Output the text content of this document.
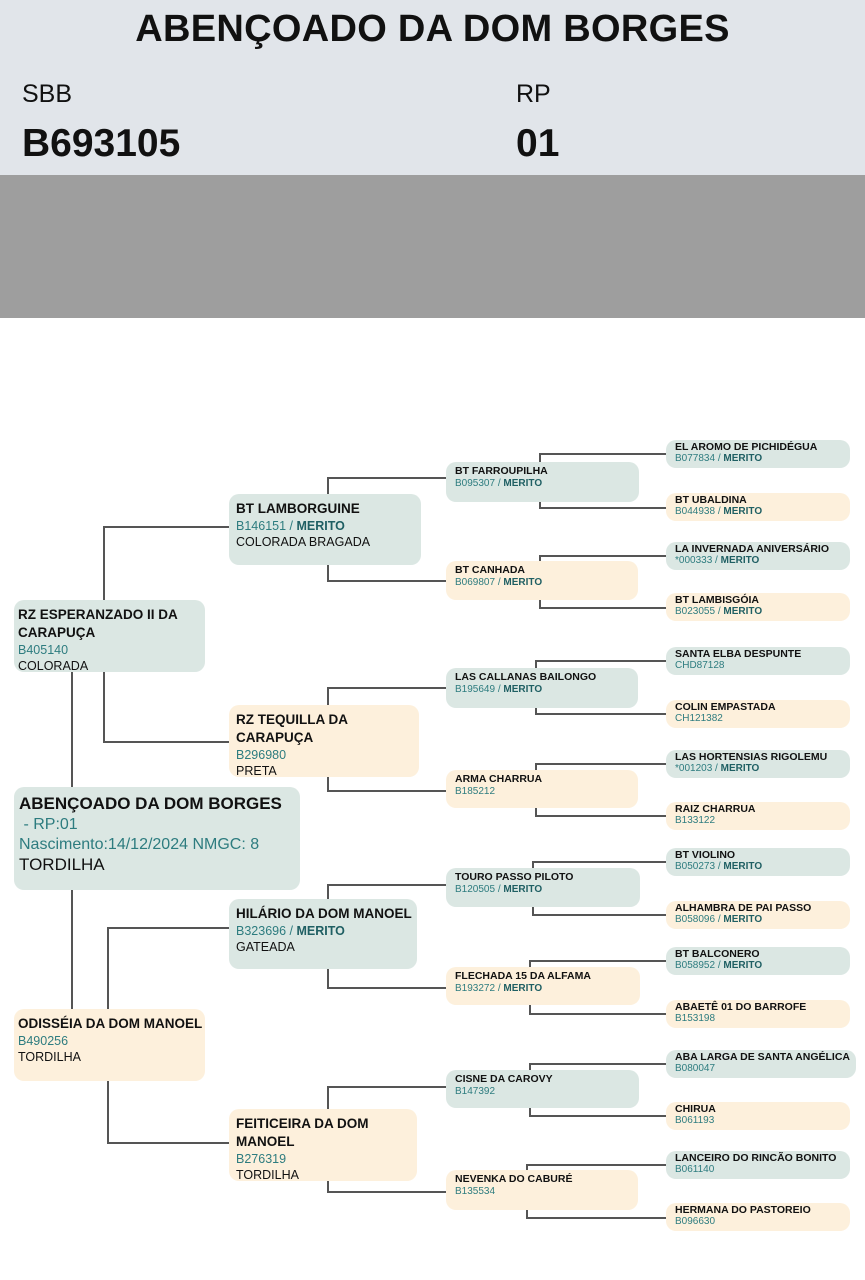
ABENÇOADO DA DOM BORGES
SBB
B693105
RP
01
ABENÇOADO DA DOM BORGES
- RP:01
Nascimento:14/12/2024 NMGC: 8
TORDILHA
RZ ESPERANZADO II DA CARAPUÇA
B405140
COLORADA
ODISSÉIA DA DOM MANOEL
B490256
TORDILHA
BT LAMBORGUINE
B146151 / MERITO
COLORADA BRAGADA
RZ TEQUILLA DA CARAPUÇA
B296980
PRETA
HILÁRIO DA DOM MANOEL
B323696 / MERITO
GATEADA
FEITICEIRA DA DOM MANOEL
B276319
TORDILHA
BT FARROUPILHA
B095307 / MERITO
BT CANHADA
B069807 / MERITO
LAS CALLANAS BAILONGO
B195649 / MERITO
ARMA CHARRUA
B185212
TOURO PASSO PILOTO
B120505 / MERITO
FLECHADA 15 DA ALFAMA
B193272 / MERITO
CISNE DA CAROVY
B147392
NEVENKA DO CABURÉ
B135534
EL AROMO DE PICHIDÉGUA
B077834 / MERITO
BT UBALDINA
B044938 / MERITO
LA INVERNADA ANIVERSÁRIO
*000333 / MERITO
BT LAMBISGÓIA
B023055 / MERITO
SANTA ELBA DESPUNTE
CHD87128
COLIN EMPASTADA
CH121382
LAS HORTENSIAS RIGOLEMU
*001203 / MERITO
RAIZ CHARRUA
B133122
BT VIOLINO
B050273 / MERITO
ALHAMBRA DE PAI PASSO
B058096 / MERITO
BT BALCONERO
B058952 / MERITO
ABAETÊ 01 DO BARROFE
B153198
ABA LARGA DE SANTA ANGÉLICA
B080047
CHIRUA
B061193
LANCEIRO DO RINCÃO BONITO
B061140
HERMANA DO PASTOREIO
B096630
